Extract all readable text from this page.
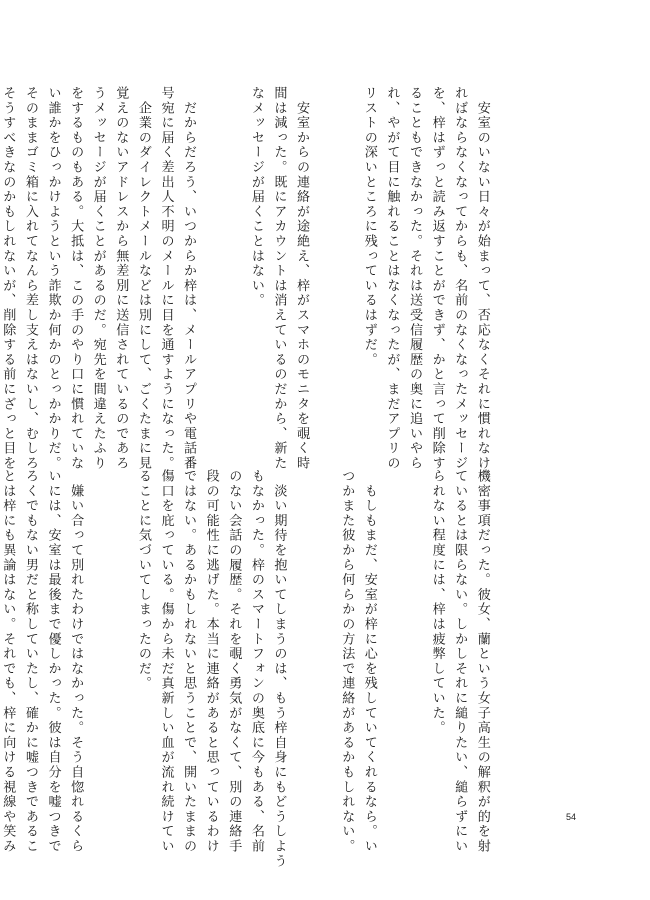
　安室のいない日々が始まって、否応なくそれに慣れなけ
ればならなくなってからも、名前のなくなったメッセージ
を、梓はずっと読み返すことができず、かと言って削除す
ることもできなかった。それは送受信履歴の奥に追いやら
れ、やがて目に触れることはなくなったが、まだアプリの
リストの深いところに残っているはずだ。

　安室からの連絡が途絶え、梓がスマホのモニタを覗く時
間は減った。既にアカウントは消えているのだから、新た
なメッセージが届くことはない。

　だからだろう、いつからか梓は、メールアプリや電話番
号宛に届く差出人不明のメールに目を通すようになった。
　企業のダイレクトメールなどは別にして、ごくたまに見
覚えのないアドレスから無差別に送信されているのであろ
うメッセージが届くことがあるのだ。宛先を間違えたふり
をするものもある。大抵は、この手のやり口に慣れていな
い誰かをひっかけようという詐欺か何かのとっかかりだ。
そのままゴミ箱に入れてなんら差し支えはないし、むしろ
そうすべきなのかもしれないが、削除する前にざっと目を

機密事項だった。彼女、蘭という女子高生の解釈が的を射
ているとは限らない。しかしそれに縋りたい、縋らずにい
られない程度には、梓は疲弊していた。

　もしもまだ、安室が梓に心を残していてくれるなら。い
つかまた彼から何らかの方法で連絡があるかもしれない。

　淡い期待を抱いてしまうのは、もう梓自身にもどうしよう
もなかった。梓のスマートフォンの奥底に今もある、名前
のない会話の履歴。それを覗く勇気がなくて、別の連絡手
段の可能性に逃げた。本当に連絡があると思っているわけ
ではない。あるかもしれないと思うことで、開いたままの
傷口を庇っている。傷から未だ真新しい血が流れ続けてい
ることに気づいてしまったのだ。

　嫌い合って別れたわけではなかった。そう自惚れるくら
いには、安室は最後まで優しかった。彼は自分を嘘つきで
ろくでもない男だと称していたし、確かに嘘つきであるこ
とは梓にも異論はない。それでも、梓に向ける視線や笑み

	54
